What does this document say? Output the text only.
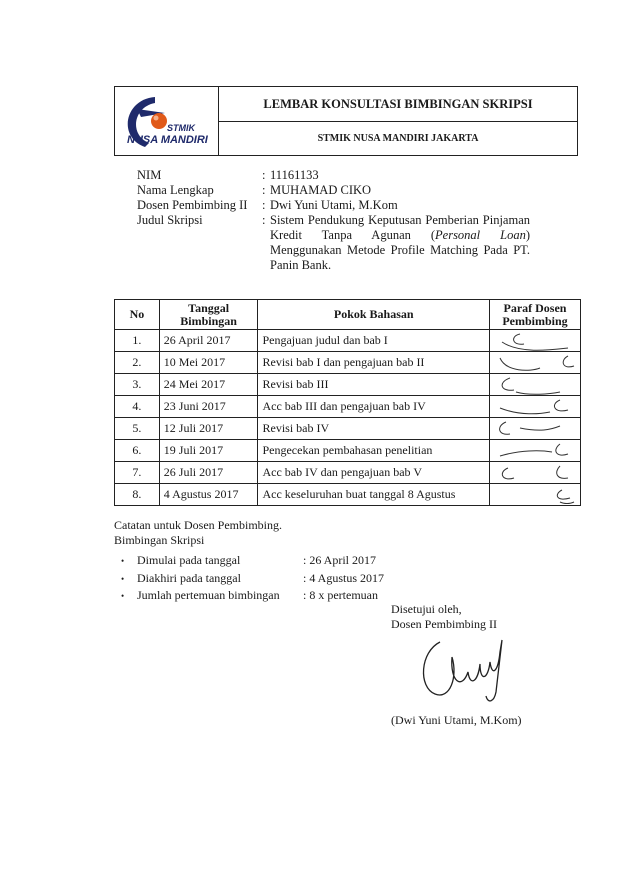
STMIK
NUSA MANDIRI
LEMBAR KONSULTASI BIMBINGAN SKRIPSI
STMIK NUSA MANDIRI JAKARTA
NIM	: 11161133
Nama Lengkap	: MUHAMAD CIKO
Dosen Pembimbing II : Dwi Yuni Utami, M.Kom
Judul Skripsi	: Sistem Pendukung Keputusan Pemberian Pinjaman Kredit Tanpa Agunan (Personal Loan) Menggunakan Metode Profile Matching Pada PT. Panin Bank.
No	Tanggal Bimbingan	Pokok Bahasan	Paraf Dosen Pembimbing
1.	26 April 2017	Pengajuan judul dan bab I	

2.	10 Mei 2017	Revisi bab I dan pengajuan bab II	

3.	24 Mei 2017	Revisi bab III	

4.	23 Juni 2017	Acc bab III dan pengajuan bab IV	

5.	12 Juli 2017	Revisi bab IV	

6.	19 Juli 2017	Pengecekan pembahasan penelitian	

7.	26 Juli 2017	Acc bab IV dan pengajuan bab V	

8.	4 Agustus 2017	Acc keseluruhan buat tanggal 8 Agustus	
Catatan untuk Dosen Pembimbing.
Bimbingan Skripsi
• Dimulai pada tanggal	: 26 April 2017
• Diakhiri pada tanggal	: 4 Agustus 2017
• Jumlah pertemuan bimbingan : 8 x pertemuan
Disetujui oleh,
Dosen Pembimbing II
(Dwi Yuni Utami, M.Kom)
